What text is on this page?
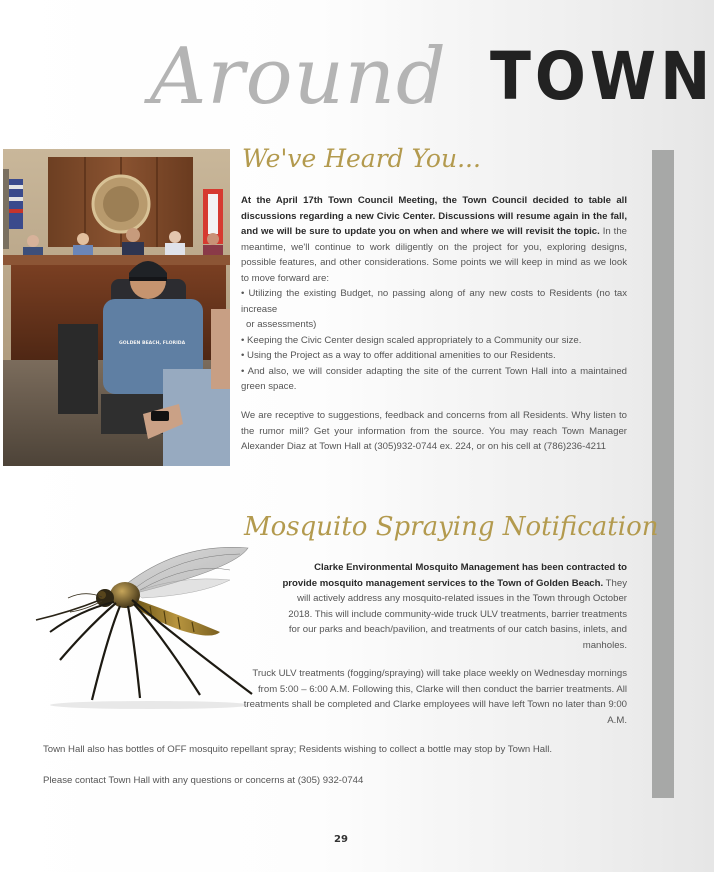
Around TOWN
GOLDEN BEACH, FLORIDA
We've Heard You...
At the April 17th Town Council Meeting, the Town Council decided to table all discussions regarding a new Civic Center. Discussions will resume again in the fall, and we will be sure to update you on when and where we will revisit the topic. In the meantime, we'll continue to work diligently on the project for you, exploring designs, possible features, and other considerations. Some points we will keep in mind as we look to move forward are:
• Utilizing the existing Budget, no passing along of any new costs to Residents (no tax increase
or assessments)
• Keeping the Civic Center design scaled appropriately to a Community our size.
• Using the Project as a way to offer additional amenities to our Residents.
• And also, we will consider adapting the site of the current Town Hall into a maintained green space.
We are receptive to suggestions, feedback and concerns from all Residents. Why listen to the rumor mill? Get your information from the source. You may reach Town Manager Alexander Diaz at Town Hall at (305)932-0744 ex. 224, or on his cell at (786)236-4211
Mosquito Spraying Notification
Clarke Environmental Mosquito Management has been contracted to provide mosquito management services to the Town of Golden Beach. They will actively address any mosquito-related issues in the Town through October 2018. This will include community-wide truck ULV treatments, barrier treatments for our parks and beach/pavilion, and treatments of our catch basins, inlets, and manholes.
Truck ULV treatments (fogging/spraying) will take place weekly on Wednesday mornings from 5:00 – 6:00 A.M. Following this, Clarke will then conduct the barrier treatments. All treatments shall be completed and Clarke employees will have left Town no later than 9:00 A.M.
Town Hall also has bottles of OFF mosquito repellant spray; Residents wishing to collect a bottle may stop by Town Hall.
Please contact Town Hall with any questions or concerns at (305) 932-0744
29
